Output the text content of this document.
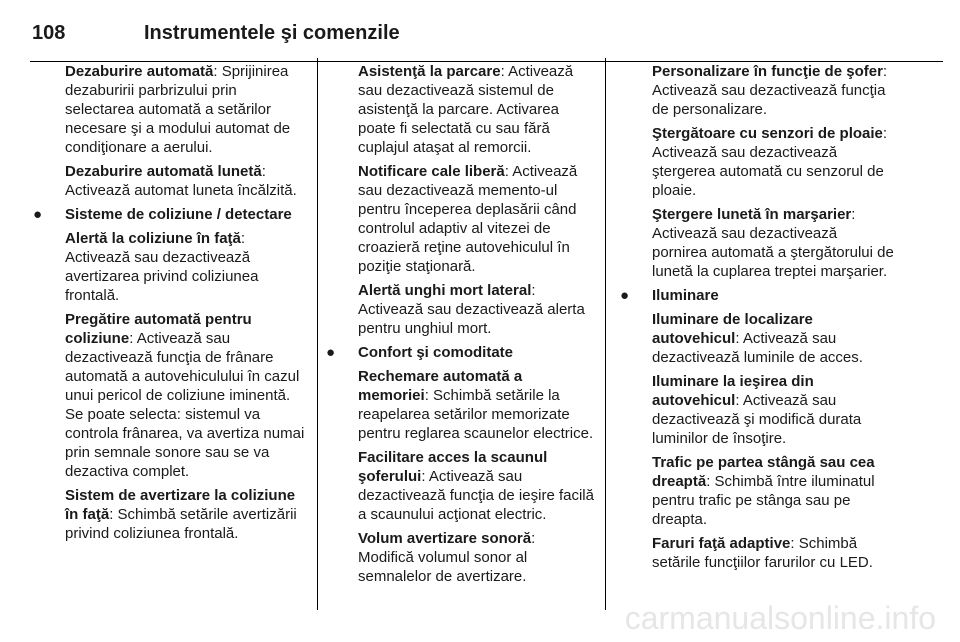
108	Instrumentele şi comenzile

Dezaburire automată: Sprijinirea dezaburirii parbrizului prin selectarea automată a setărilor necesare şi a modului automat de condiţionare a aerului.

Dezaburire automată lunetă: Activează automat luneta încălzită.

● Sisteme de coliziune / detectare

Alertă la coliziune în faţă: Activează sau dezactivează avertizarea privind coliziunea frontală.

Pregătire automată pentru coliziune: Activează sau dezactivează funcţia de frânare automată a autovehiculului în cazul unui pericol de coliziune iminentă. Se poate selecta: sistemul va controla frânarea, va avertiza numai prin semnale sonore sau se va dezactiva complet.

Sistem de avertizare la coliziune în faţă: Schimbă setările avertizării privind coliziunea frontală.

Asistenţă la parcare: Activează sau dezactivează sistemul de asistenţă la parcare. Activarea poate fi selectată cu sau fără cuplajul ataşat al remorcii.

Notificare cale liberă: Activează sau dezactivează memento-ul pentru începerea deplasării când controlul adaptiv al vitezei de croazieră reţine autovehiculul în poziţie staţionară.

Alertă unghi mort lateral: Activează sau dezactivează alerta pentru unghiul mort.

● Confort şi comoditate

Rechemare automată a memoriei: Schimbă setările la reapelarea setărilor memorizate pentru reglarea scaunelor electrice.

Facilitare acces la scaunul şoferului: Activează sau dezactivează funcţia de ieşire facilă a scaunului acţionat electric.

Volum avertizare sonoră: Modifică volumul sonor al semnalelor de avertizare.

Personalizare în funcţie de şofer: Activează sau dezactivează funcţia de personalizare.

Ştergătoare cu senzori de ploaie: Activează sau dezactivează ştergerea automată cu senzorul de ploaie.

Ştergere lunetă în marşarier: Activează sau dezactivează pornirea automată a ştergătorului de lunetă la cuplarea treptei marşarier.

● Iluminare

Iluminare de localizare autovehicul: Activează sau dezactivează luminile de acces.

Iluminare la ieşirea din autovehicul: Activează sau dezactivează şi modifică durata luminilor de însoţire.

Trafic pe partea stângă sau cea dreaptă: Schimbă între iluminatul pentru trafic pe stânga sau pe dreapta.

Faruri faţă adaptive: Schimbă setările funcţiilor farurilor cu LED.

carmanualsonline.info
